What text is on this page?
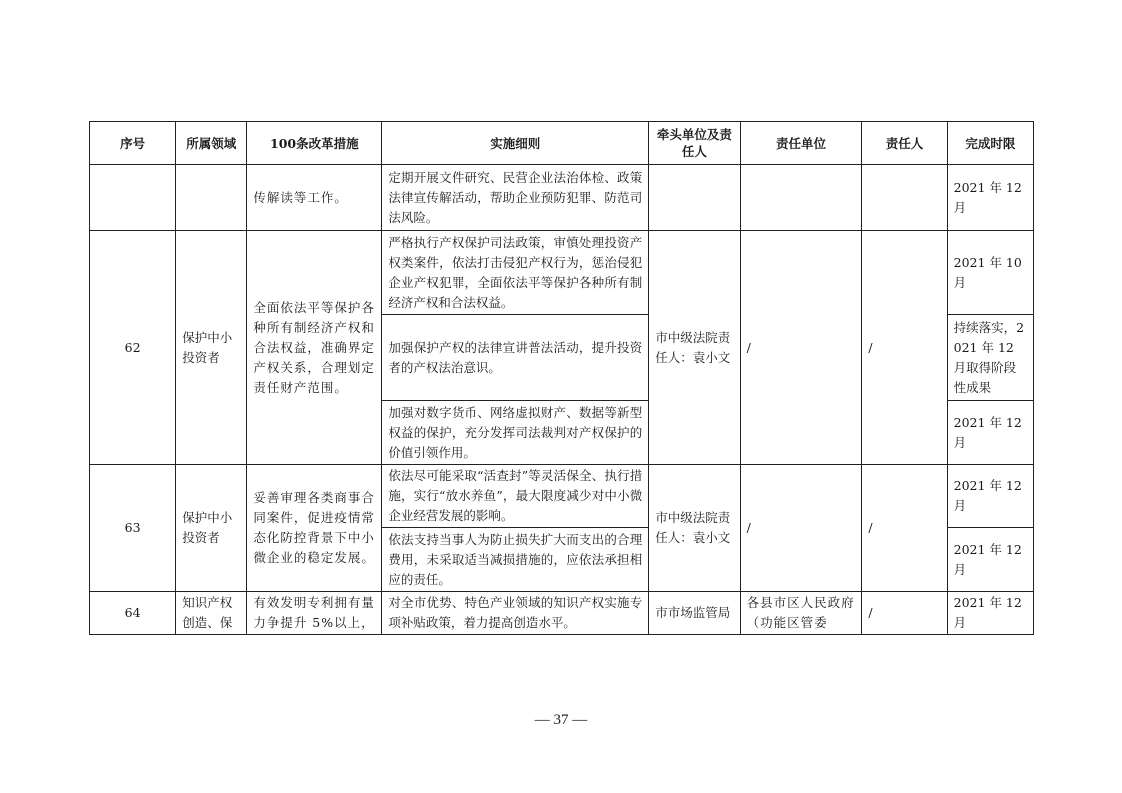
序号	所属领域	100条改革措施	实施细则	牵头单位及责任人	责任单位	责任人	完成时限
		传解读等工作。	定期开展文件研究、民营企业法治体检、政策法律宣传解活动，帮助企业预防犯罪、防范司法风险。				2021 年 12 月
62	保护中小投资者	全面依法平等保护各种所有制经济产权和合法权益，准确界定产权关系，合理划定责任财产范围。	严格执行产权保护司法政策，审慎处理投资产权类案件，依法打击侵犯产权行为，惩治侵犯企业产权犯罪，全面依法平等保护各种所有制经济产权和合法权益。	市中级法院责任人：袁小文	/	/	2021 年 10 月
			加强保护产权的法律宣讲普法活动，提升投资者的产权法治意识。				持续落实，2021 年 12 月取得阶段性成果
			加强对数字货币、网络虚拟财产、数据等新型权益的保护，充分发挥司法裁判对产权保护的价值引领作用。				2021 年 12 月
63	保护中小投资者	妥善审理各类商事合同案件，促进疫情常态化防控背景下中小微企业的稳定发展。	依法尽可能采取“活查封”等灵活保全、执行措施，实行“放水养鱼”，最大限度减少对中小微企业经营发展的影响。	市中级法院责任人：袁小文	/	/	2021 年 12 月
			依法支持当事人为防止损失扩大而支出的合理费用，未采取适当减损措施的，应依法承担相应的责任。				2021 年 12 月
64	知识产权创造、保	有效发明专利拥有量力争提升 5%以上，	对全市优势、特色产业领域的知识产权实施专项补贴政策，着力提高创造水平。	市市场监管局	各县市区人民政府（功能区管委	/	2021 年 12 月
— 37 —
